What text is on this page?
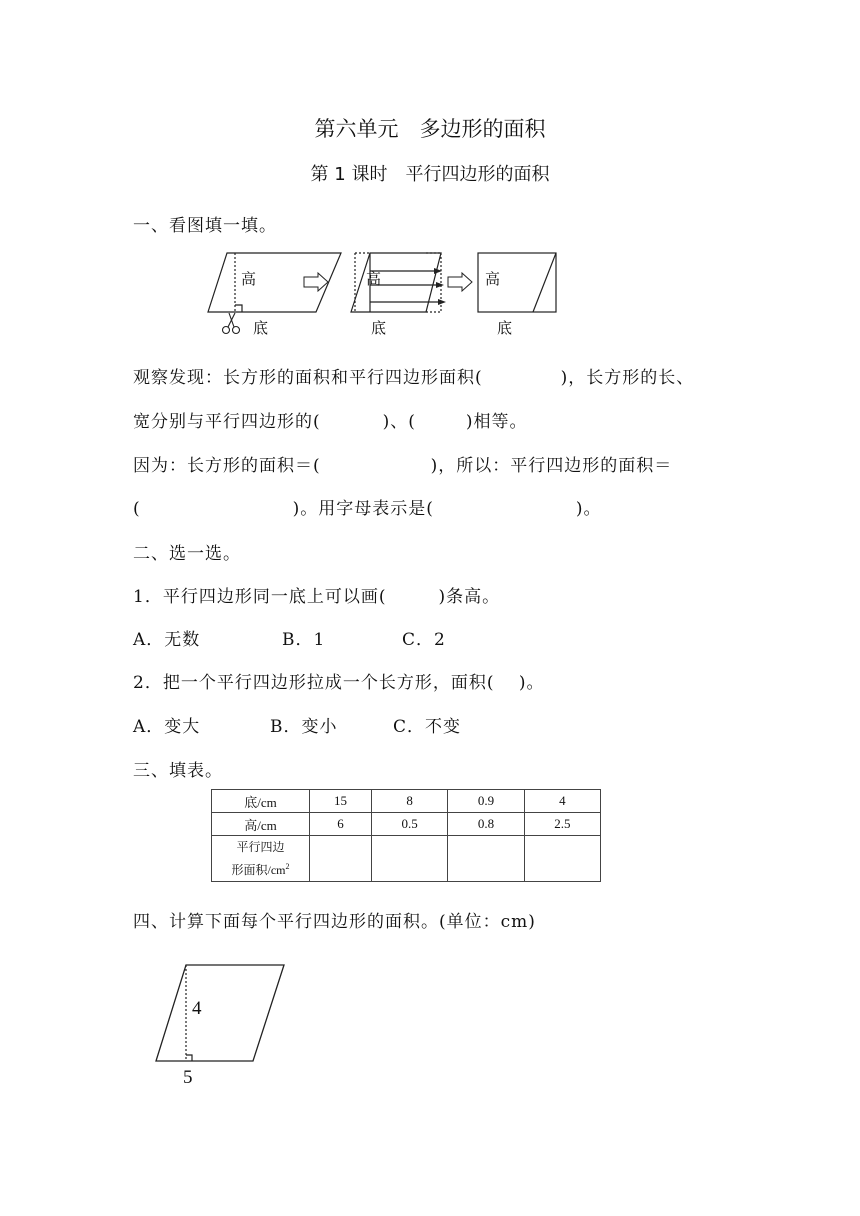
第六单元　多边形的面积
第 1 课时　平行四边形的面积
一、看图填一填。
高	高	高
底	底	底
观察发现：长方形的面积和平行四边形面积(	)，长方形的长、
宽分别与平行四边形的(	)、(	)相等。
因为：长方形的面积＝(	)，所以：平行四边形的面积＝
(	)。用字母表示是(	)。
二、选一选。
1．平行四边形同一底上可以画(	)条高。
A．无数	B．1	C．2
2．把一个平行四边形拉成一个长方形，面积(　 )。
A．变大	B．变小	C．不变
三、填表。
底/cm	15	8	0.9	4
高/cm	6	0.5	0.8	2.5

平行四边
形面积$/cm^2$

四、计算下面每个平行四边形的面积。(单位：cm)
4
5
